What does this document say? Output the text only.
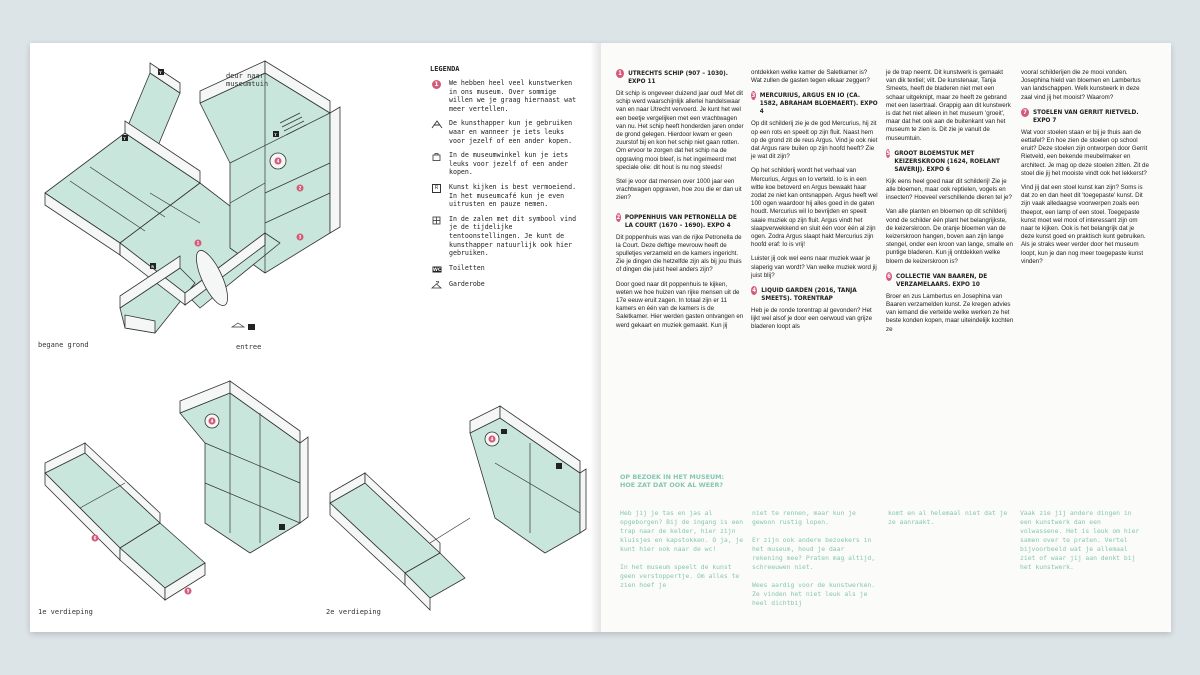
4
1
3
2
T
T
R
T
deur naar
museumtuin
entree
begane grond
4
6
5
1e verdieping
4
2e verdieping
LEGENDA
1	We hebben heel veel kunstwerken in ons museum. Over sommige willen we je graag hiernaast wat meer vertellen.
De kunsthapper kun je gebruiken waar en wanneer je iets leuks voor jezelf of een ander kopen.
In de museumwinkel kun je iets leuks voor jezelf of een ander kopen.
R	Kunst kijken is best vermoeiend. In het museumcafé kun je even uitrusten en pauze nemen.
In de zalen met dit symbool vind je de tijdelijke tentoonstellingen. Je kunt de kunsthapper natuurlijk ook hier gebruiken.
WC Toiletten
Garderobe
1 UTRECHTS SCHIP (907 – 1030). EXPO 11

Dit schip is ongeveer duizend jaar oud! Met dit schip werd waarschijnlijk allerlei handelswaar van en naar Utrecht vervoerd. Je kunt het wel een beetje vergelijken met een vrachtwagen van nu. Het schip heeft honderden jaren onder de grond gelegen. Hierdoor kwam er geen zuurstof bij en kon het schip niet gaan rotten. Om ervoor te zorgen dat het schip na de opgraving mooi bleef, is het ingeimeerd met speciale olie: dit hout is nu nog steeds!

Stel je voor dat mensen over 1000 jaar een vrachtwagen opgraven, hoe zou die er dan uit zien?

2 POPPENHUIS VAN PETRONELLA DE LA COURT (1670 – 1690). EXPO 4

Dit poppenhuis was van de rijke Petronella de la Court. Deze deftige mevrouw heeft de spulletjes verzameld en de kamers ingericht. Zie je dingen die hetzelfde zijn als bij jou thuis of dingen die juist heel anders zijn?

Door goed naar dit poppenhuis te kijken, weten we hoe huizen van rijke mensen uit de 17e eeuw eruit zagen. In totaal zijn er 11 kamers en één van de kamers is de Saletkamer. Hier werden gasten ontvangen en werd gekaart en muziek gemaakt. Kun jij

ontdekken welke kamer de Saletkamer is? Wat zullen de gasten tegen elkaar zeggen?

3 MERCURIUS, ARGUS EN IO (CA. 1582, ABRAHAM BLOEMAERT). EXPO 4

Op dit schilderij zie je de god Mercurius, hij zit op een rots en speelt op zijn fluit. Naast hem op de grond zit de reus Argus. Vind je ook niet dat Argus rare builen op zijn hoofd heeft? Zie je wat dit zijn?

Op het schilderij wordt het verhaal van Mercurius, Argus en Io verteld. Io is in een witte koe betoverd en Argus bewaakt haar zodat ze niet kan ontsnappen. Argus heeft wel 100 ogen waardoor hij alles goed in de gaten houdt. Mercurius wil Io bevrijden en speelt saaie muziek op zijn fluit. Argus vindt het slaapverwekkend en sluit één voor één al zijn ogen. Zodra Argus slaapt hakt Mercurius zijn hoofd eraf: Io is vrij!

Luister jij ook wel eens naar muziek waar je slaperig van wordt? Van welke muziek word jij juist blij?

4 LIQUID GARDEN (2016, TANJA SMEETS). TORENTRAP

Heb je de ronde torentrap al gevonden? Het lijkt wel alsof je door een oerwoud van grijze bladeren loopt als

je de trap neemt. Dit kunstwerk is gemaakt van dik textiel; vilt. De kunstenaar, Tanja Smeets, heeft de bladeren niet met een schaar uitgeknipt, maar ze heeft ze gebrand met een lasertraal. Grappig aan dit kunstwerk is dat het niet alleen in het museum 'groeit', maar dat het ook aan de buitenkant van het museum te zien is. Dit zie je vanuit de museumtuin.

5 GROOT BLOEMSTUK MET KEIZERSKROON (1624, ROELANT SAVERIJ). EXPO 6

Kijk eens heel goed naar dit schilderij! Zie je alle bloemen, maar ook reptielen, vogels en insecten? Hoeveel verschillende dieren tel je?

Van alle planten en bloemen op dit schilderij vond de schilder één plant het belangrijkste, de keizerskroon. De oranje bloemen van de keizerskroon hangen, boven aan zijn lange stengel, onder een kroon van lange, smalle en puntige bladeren. Kun jij ontdekken welke bloem de keizerskroon is?

6 COLLECTIE VAN BAAREN, DE VERZAMELAARS. EXPO 10

Broer en zus Lambertus en Josephina van Baaren verzamelden kunst. Ze kregen advies van iemand die vertelde welke werken ze het beste konden kopen, maar uiteindelijk kochten ze

vooral schilderijen die ze mooi vonden. Josephina hield van bloemen en Lambertus van landschappen. Welk kunstwerk in deze zaal vind jij het mooist? Waarom?

7 STOELEN VAN GERRIT RIETVELD. EXPO 7

Wat voor stoelen staan er bij je thuis aan de eettafel? En hoe zien de stoelen op school eruit? Deze stoelen zijn ontworpen door Gerrit Rietveld, een bekende meubelmaker en architect. Je mag op deze stoelen zitten. Zit de stoel die jij het mooiste vindt ook het lekkerst?

Vind jij dat een stoel kunst kan zijn? Soms is dat zo en dan heet dit 'toegepaste' kunst. Dit zijn vaak alledaagse voorwerpen zoals een theepot, een lamp of een stoel. Toegepaste kunst moet wel mooi of interessant zijn om naar te kijken. Ook is het belangrijk dat je deze kunst goed en praktisch kunt gebruiken. Als je straks weer verder door het museum loopt, kun je dan nog meer toegepaste kunst vinden?

OP BEZOEK IN HET MUSEUM: HOE ZAT DAT OOK AL WEER?

Heb jij je tas en jas al opgeborgen? Bij de ingang is een trap naar de kelder, hier zijn kluisjes en kapstokken. O ja, je kunt hier ook naar de wc!

In het museum speelt de kunst geen verstoppertje. Om alles te zien hoef je

niet te rennen, maar kun je gewoon rustig lopen.

Er zijn ook andere bezoekers in het museum, houd je daar rekening mee? Praten mag altijd, schreeuwen niet.

Wees aardig voor de kunstwerken. Ze vinden het niet leuk als je heel dichtbij

komt en al helemaal niet dat je ze aanraakt.

Vaak zie jij andere dingen in een kunstwerk dan een volwassene. Het is leuk om hier samen over te praten. Vertel bijvoorbeeld wat je allemaal ziet of waar jij aan denkt bij het kunstwerk.
